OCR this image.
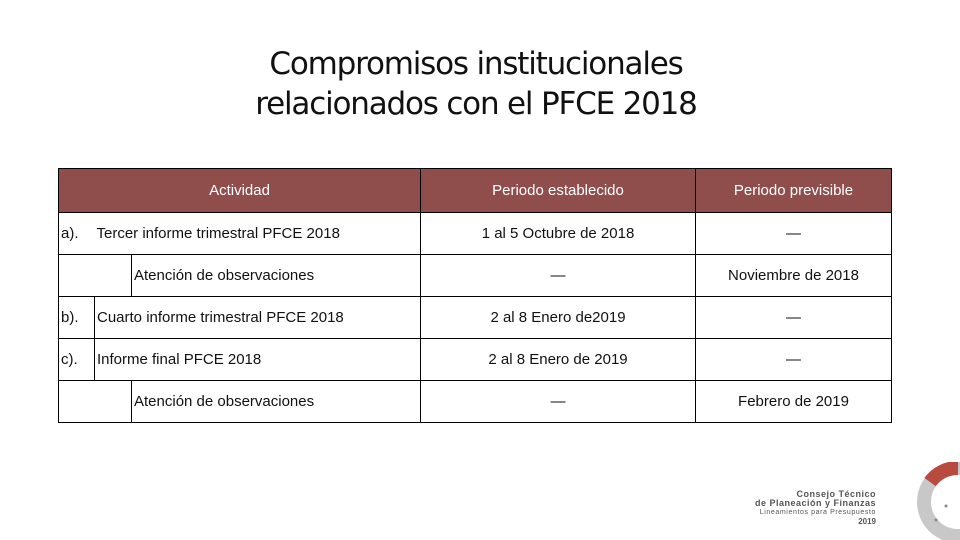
Compromisos institucionales
relacionados con el PFCE 2018
Actividad			Periodo establecido	Periodo previsible
a).	Tercer informe trimestral PFCE 2018		1 al 5 Octubre de 2018	—
		Atención de observaciones	—	Noviembre de 2018
b).	Cuarto informe trimestral PFCE 2018		2 al 8 Enero de2019	—
c).	Informe final PFCE 2018		2 al 8 Enero de 2019	—
		Atención de observaciones	—	Febrero de 2019
Consejo Técnico
de Planeación y Finanzas
Lineamientos para Presupuesto
2019
